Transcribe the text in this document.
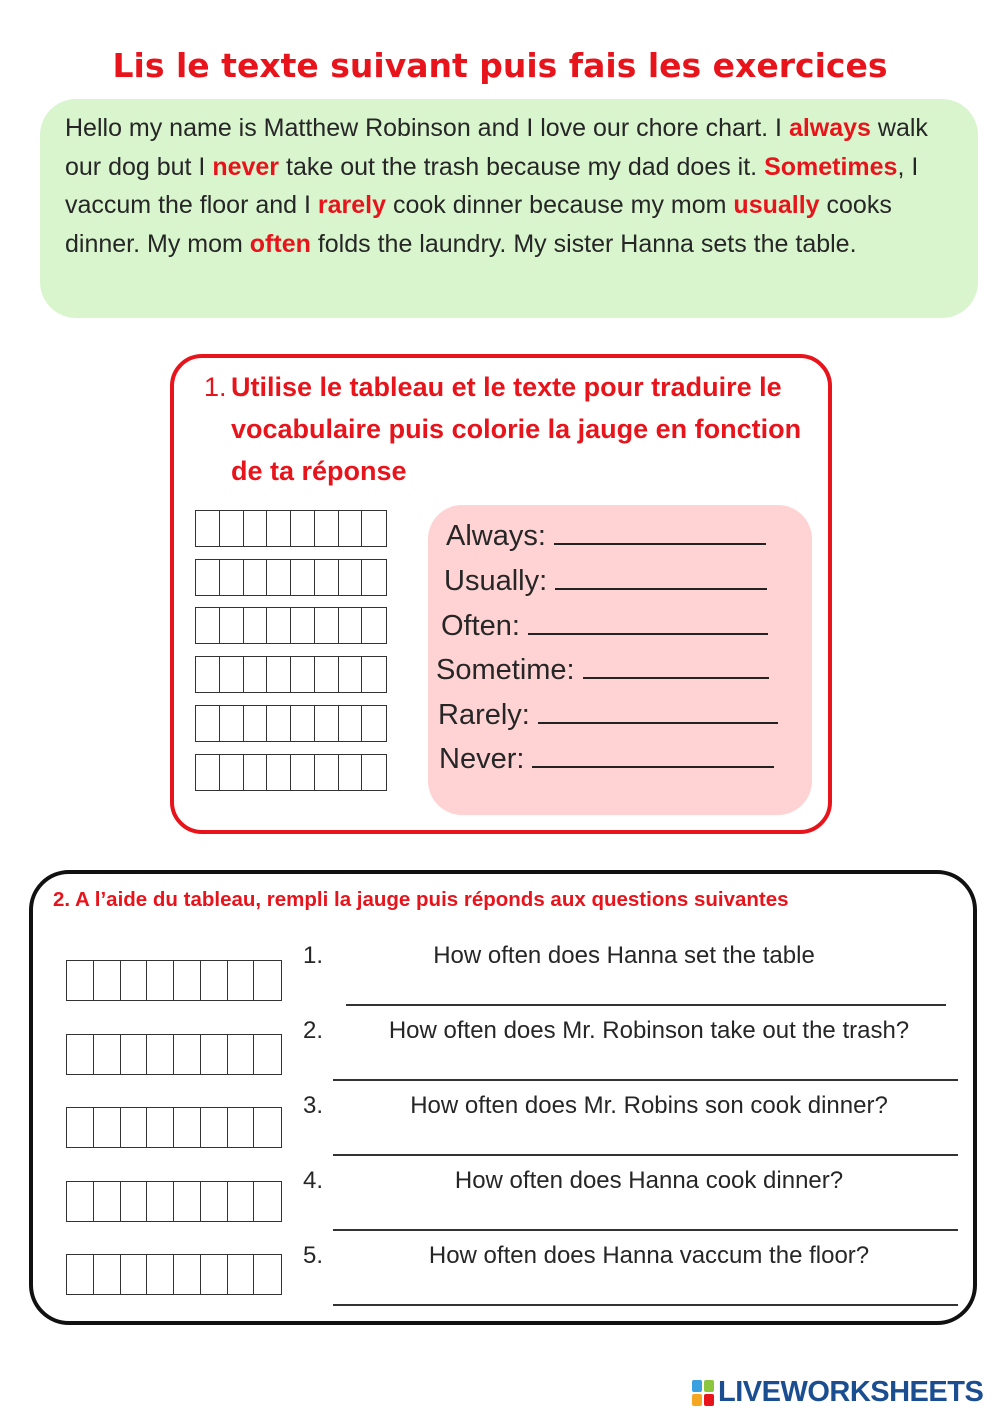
Lis le texte suivant puis fais les exercices
Hello my name is Matthew Robinson and I love our chore chart. I always walk our dog but I never take out the trash because my dad does it. Sometimes, I vaccum the floor and I rarely cook dinner because my mom usually cooks dinner. My mom often folds the laundry. My sister Hanna sets the table.
1. Utilise le tableau et le texte pour traduire le vocabulaire puis colorie la jauge en fonction de ta réponse
Always:
Usually:
Often:
Sometime:
Rarely:
Never:
2. A l’aide du tableau, rempli la jauge puis réponds aux questions suivantes
1.	How often does Hanna set the table
2.	How often does Mr. Robinson take out the trash?
3.	How often does Mr. Robins son cook dinner?
4.	How often does Hanna cook dinner?
5.	How often does Hanna vaccum the floor?
LIVEWORKSHEETS
